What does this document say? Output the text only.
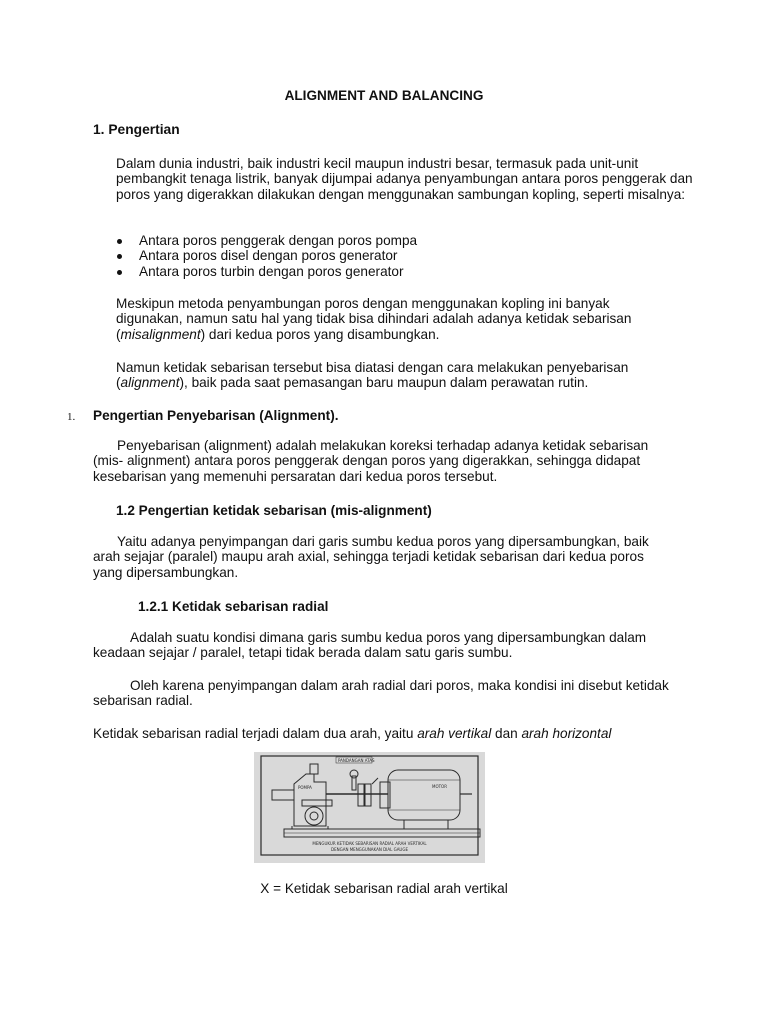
ALIGNMENT AND BALANCING
1. Pengertian

Dalam dunia industri, baik industri kecil maupun industri besar, termasuk pada unit-unit pembangkit tenaga listrik, banyak dijumpai adanya penyambungan antara poros penggerak dan poros yang digerakkan dilakukan dengan menggunakan sambungan kopling, seperti misalnya:

Antara poros penggerak dengan poros pompa
Antara poros disel dengan poros generator
Antara poros turbin dengan poros generator

Meskipun metoda penyambungan poros dengan menggunakan kopling ini banyak digunakan, namun satu hal yang tidak bisa dihindari adalah adanya ketidak sebarisan (misalignment) dari kedua poros yang disambungkan.

Namun ketidak sebarisan tersebut bisa diatasi dengan cara melakukan penyebarisan (alignment), baik pada saat pemasangan baru maupun dalam perawatan rutin.

1. Pengertian Penyebarisan (Alignment).

Penyebarisan (alignment) adalah melakukan koreksi terhadap adanya ketidak sebarisan (mis- alignment) antara poros penggerak dengan poros yang digerakkan, sehingga didapat kesebarisan yang memenuhi persaratan dari kedua poros tersebut.

1.2 Pengertian ketidak sebarisan (mis-alignment)

Yaitu adanya penyimpangan dari garis sumbu kedua poros yang dipersambungkan, baik arah sejajar (paralel) maupu arah axial, sehingga terjadi ketidak sebarisan dari kedua poros yang dipersambungkan.

1.2.1 Ketidak sebarisan radial

Adalah suatu kondisi dimana garis sumbu kedua poros yang dipersambungkan dalam keadaan sejajar / paralel, tetapi tidak berada dalam satu garis sumbu.

Oleh karena penyimpangan dalam arah radial dari poros, maka kondisi ini disebut ketidak sebarisan radial.

Ketidak sebarisan radial terjadi dalam dua arah, yaitu arah vertikal dan arah horizontal

PANDANGAN ATAS
POMPA	MOTOR
MENGUKUR KETIDAK SEBARISAN RADIAL ARAH VERTIKAL
DENGAN MENGGUNAKAN DIAL GAUGE
X = Ketidak sebarisan radial arah vertikal
